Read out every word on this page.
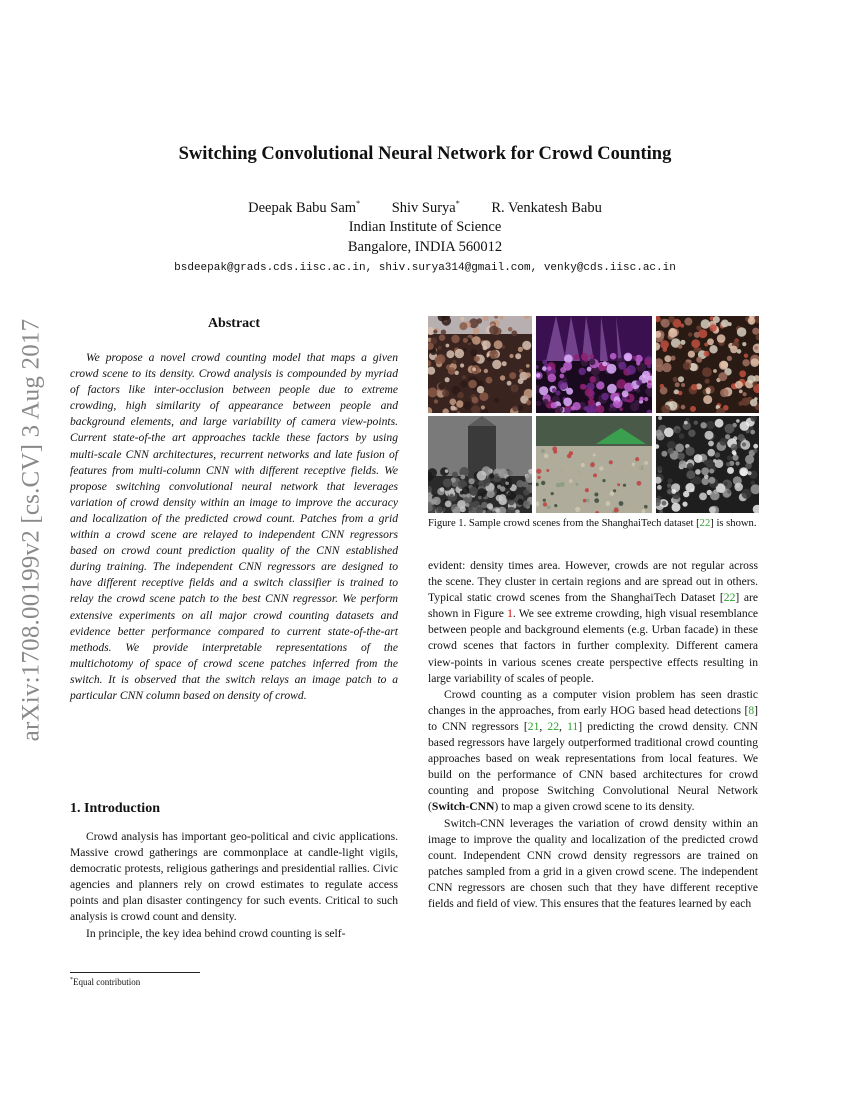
Switching Convolutional Neural Network for Crowd Counting
Deepak Babu Sam* Shiv Surya* R. Venkatesh Babu
Indian Institute of Science
Bangalore, INDIA 560012
bsdeepak@grads.cds.iisc.ac.in, shiv.surya314@gmail.com, venky@cds.iisc.ac.in
arXiv:1708.00199v2 [cs.CV] 3 Aug 2017	Abstract

We propose a novel crowd counting model that maps a given crowd scene to its density. Crowd analysis is compounded by myriad of factors like inter-occlusion between people due to extreme crowding, high similarity of appearance between people and background elements, and large variability of camera view-points. Current state-of-the art approaches tackle these factors by using multi-scale CNN architectures, recurrent networks and late fusion of features from multi-column CNN with different receptive fields. We propose switching convolutional neural network that leverages variation of crowd density within an image to improve the accuracy and localization of the predicted crowd count. Patches from a grid within a crowd scene are relayed to independent CNN regressors based on crowd count prediction quality of the CNN established during training. The independent CNN regressors are designed to have different receptive fields and a switch classifier is trained to relay the crowd scene patch to the best CNN regressor. We perform extensive experiments on all major crowd counting datasets and evidence better performance compared to current state-of-the-art methods. We provide interpretable representations of the multichotomy of space of crowd scene patches inferred from the switch. It is observed that the switch relays an image patch to a particular CNN column based on density of crowd.

1. Introduction

Crowd analysis has important geo-political and civic applications. Massive crowd gatherings are commonplace at candle-light vigils, democratic protests, religious gatherings and presidential rallies. Civic agencies and planners rely on crowd estimates to regulate access points and plan disaster contingency for such events. Critical to such analysis is crowd count and density.

In principle, the key idea behind crowd counting is self-

*Equal contribution
Figure 1. Sample crowd scenes from the ShanghaiTech dataset [22] is shown.

evident: density times area. However, crowds are not regular across the scene. They cluster in certain regions and are spread out in others. Typical static crowd scenes from the ShanghaiTech Dataset [22] are shown in Figure 1. We see extreme crowding, high visual resemblance between people and background elements (e.g. Urban facade) in these crowd scenes that factors in further complexity. Different camera view-points in various scenes create perspective effects resulting in large variability of scales of people.

Crowd counting as a computer vision problem has seen drastic changes in the approaches, from early HOG based head detections [8] to CNN regressors [21, 22, 11] predicting the crowd density. CNN based regressors have largely outperformed traditional crowd counting approaches based on weak representations from local features. We build on the performance of CNN based architectures for crowd counting and propose Switching Convolutional Neural Network (Switch-CNN) to map a given crowd scene to its density.

Switch-CNN leverages the variation of crowd density within an image to improve the quality and localization of the predicted crowd count. Independent CNN crowd density regressors are trained on patches sampled from a grid in a given crowd scene. The independent CNN regressors are chosen such that they have different receptive fields and field of view. This ensures that the features learned by each
